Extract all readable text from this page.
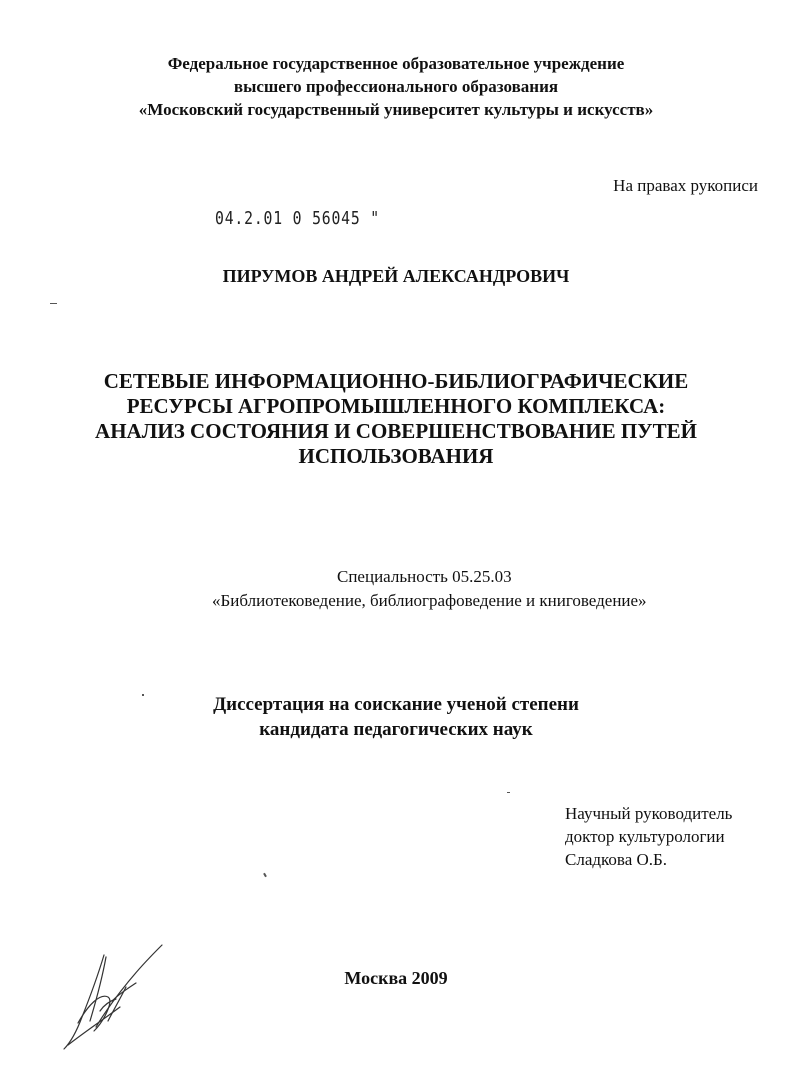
Федеральное государственное образовательное учреждение
высшего профессионального образования
«Московский государственный университет культуры и искусств»
На правах рукописи
04.2.01 0 56045 "
ПИРУМОВ АНДРЕЙ АЛЕКСАНДРОВИЧ
СЕТЕВЫЕ ИНФОРМАЦИОННО-БИБЛИОГРАФИЧЕСКИЕ
РЕСУРСЫ АГРОПРОМЫШЛЕННОГО КОМПЛЕКСА:
АНАЛИЗ СОСТОЯНИЯ И СОВЕРШЕНСТВОВАНИЕ ПУТЕЙ
ИСПОЛЬЗОВАНИЯ
Специальность 05.25.03
«Библиотековедение, библиографоведение и книговедение»
Диссертация на соискание ученой степени
кандидата педагогических наук
Научный руководитель
доктор культурологии
Сладкова О.Б.
Москва 2009
